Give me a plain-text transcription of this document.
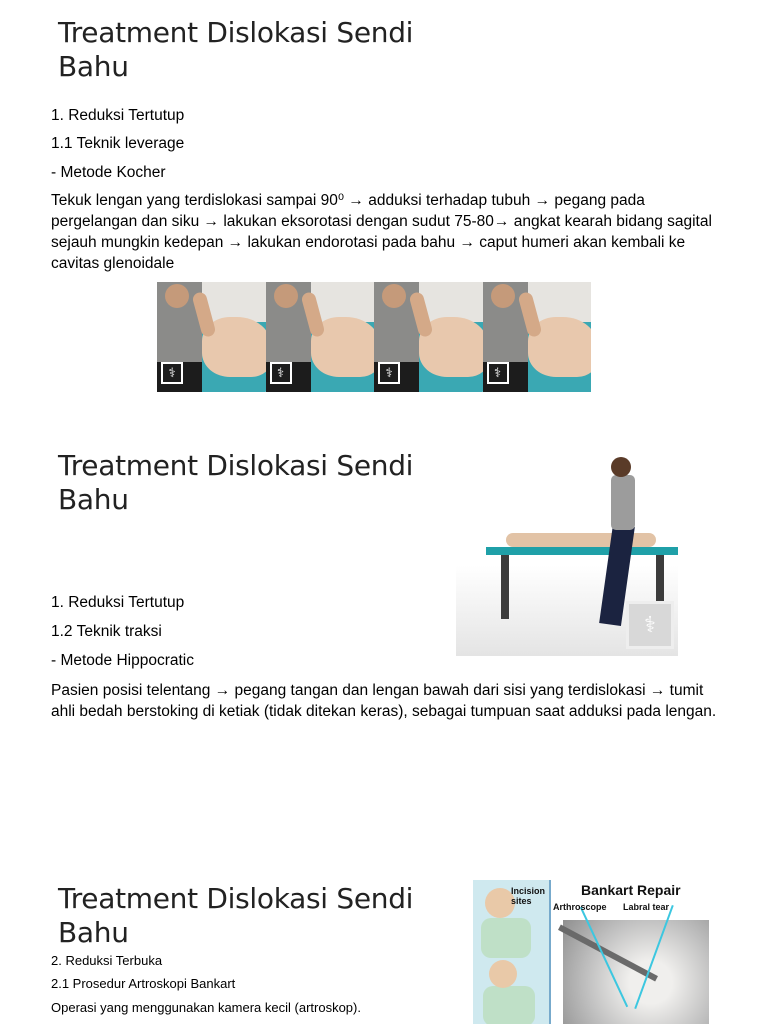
Treatment Dislokasi Sendi
Bahu
1. Reduksi Tertutup
1.1 Teknik leverage
- Metode Kocher
Tekuk lengan yang terdislokasi sampai 90⁰ → adduksi terhadap tubuh → pegang pada pergelangan dan siku → lakukan eksorotasi dengan sudut 75-80→ angkat kearah bidang sagital sejauh mungkin kedepan → lakukan endorotasi pada bahu → caput humeri akan kembali ke cavitas glenoidale
⚕	⚕	⚕	⚕
Treatment Dislokasi Sendi
Bahu
⚕
1. Reduksi Tertutup
1.2 Teknik traksi
- Metode Hippocratic
Pasien posisi telentang → pegang tangan dan lengan bawah dari sisi yang terdislokasi → tumit ahli bedah berstoking di ketiak (tidak ditekan keras), sebagai tumpuan saat adduksi pada lengan.
Treatment Dislokasi Sendi
Bahu
2. Reduksi Terbuka
2.1 Prosedur Artroskopi Bankart
Operasi yang menggunakan kamera kecil (artroskop).
Incision sites
Bankart Repair
Arthroscope Labral tear
